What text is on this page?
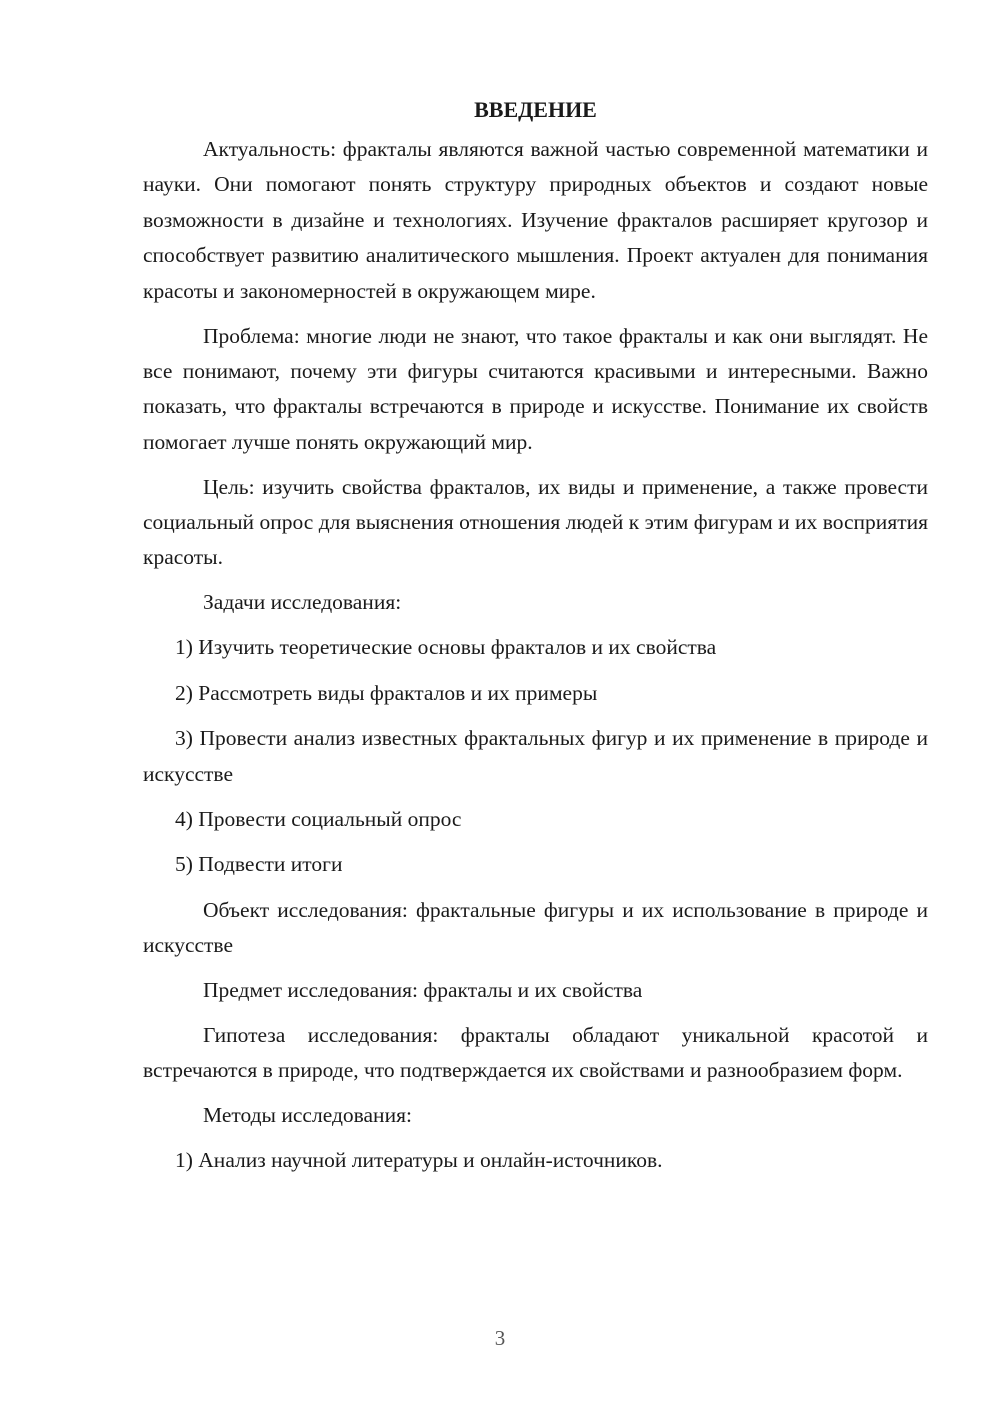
ВВЕДЕНИЕ
Актуальность: фракталы являются важной частью современной математики и науки. Они помогают понять структуру природных объектов и создают новые возможности в дизайне и технологиях. Изучение фракталов расширяет кругозор и способствует развитию аналитического мышления. Проект актуален для понимания красоты и закономерностей в окружающем мире.
Проблема: многие люди не знают, что такое фракталы и как они выглядят. Не все понимают, почему эти фигуры считаются красивыми и интересными. Важно показать, что фракталы встречаются в природе и искусстве. Понимание их свойств помогает лучше понять окружающий мир.
Цель: изучить свойства фракталов, их виды и применение, а также провести социальный опрос для выяснения отношения людей к этим фигурам и их восприятия красоты.
Задачи исследования:
1) Изучить теоретические основы фракталов и их свойства
2) Рассмотреть виды фракталов и их примеры
3) Провести анализ известных фрактальных фигур и их применение в природе и искусстве
4) Провести социальный опрос
5) Подвести итоги
Объект исследования: фрактальные фигуры и их использование в природе и искусстве
Предмет исследования: фракталы и их свойства
Гипотеза исследования: фракталы обладают уникальной красотой и встречаются в природе, что подтверждается их свойствами и разнообразием форм.
Методы исследования:
1) Анализ научной литературы и онлайн-источников.
3
